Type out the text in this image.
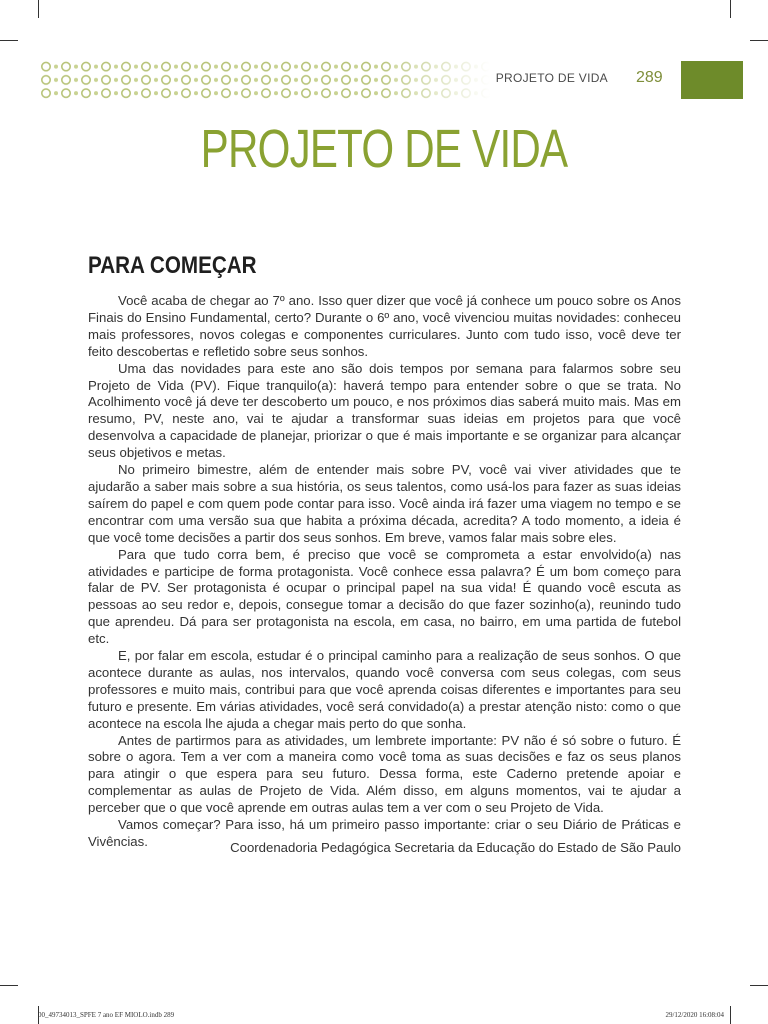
PROJETO DE VIDA 289
PROJETO DE VIDA
PARA COMEÇAR

Você acaba de chegar ao 7º ano. Isso quer dizer que você já conhece um pouco sobre os Anos Finais do Ensino Fundamental, certo? Durante o 6º ano, você vivenciou muitas novidades: conheceu mais professores, novos colegas e componentes curriculares. Junto com tudo isso, você deve ter feito descobertas e refletido sobre seus sonhos.

Uma das novidades para este ano são dois tempos por semana para falarmos sobre seu Projeto de Vida (PV). Fique tranquilo(a): haverá tempo para entender sobre o que se trata. No Acolhimento você já deve ter descoberto um pouco, e nos próximos dias saberá muito mais. Mas em resumo, PV, neste ano, vai te ajudar a transformar suas ideias em projetos para que você desenvolva a capacidade de planejar, priorizar o que é mais importante e se organizar para alcançar seus objetivos e metas.

No primeiro bimestre, além de entender mais sobre PV, você vai viver atividades que te ajudarão a saber mais sobre a sua história, os seus talentos, como usá-los para fazer as suas ideias saírem do papel e com quem pode contar para isso. Você ainda irá fazer uma viagem no tempo e se encontrar com uma versão sua que habita a próxima década, acredita? A todo momento, a ideia é que você tome decisões a partir dos seus sonhos. Em breve, vamos falar mais sobre eles.

Para que tudo corra bem, é preciso que você se comprometa a estar envolvido(a) nas atividades e participe de forma protagonista. Você conhece essa palavra? É um bom começo para falar de PV. Ser protagonista é ocupar o principal papel na sua vida! É quando você escuta as pessoas ao seu redor e, depois, consegue tomar a decisão do que fazer sozinho(a), reunindo tudo que aprendeu. Dá para ser protagonista na escola, em casa, no bairro, em uma partida de futebol etc.

E, por falar em escola, estudar é o principal caminho para a realização de seus sonhos. O que acontece durante as aulas, nos intervalos, quando você conversa com seus colegas, com seus professores e muito mais, contribui para que você aprenda coisas diferentes e importantes para seu futuro e presente. Em várias atividades, você será convidado(a) a prestar atenção nisto: como o que acontece na escola lhe ajuda a chegar mais perto do que sonha.

Antes de partirmos para as atividades, um lembrete importante: PV não é só sobre o futuro. É sobre o agora. Tem a ver com a maneira como você toma as suas decisões e faz os seus planos para atingir o que espera para seu futuro. Dessa forma, este Caderno pretende apoiar e complementar as aulas de Projeto de Vida. Além disso, em alguns momentos, vai te ajudar a perceber que o que você aprende em outras aulas tem a ver com o seu Projeto de Vida.

Vamos começar? Para isso, há um primeiro passo importante: criar o seu Diário de Práticas e Vivências.	Coordenadoria Pedagógica Secretaria da Educação do Estado de São Paulo

00_49734013_SPFE 7 ano EF MIOLO.indb 289	29/12/2020 16:08:04
